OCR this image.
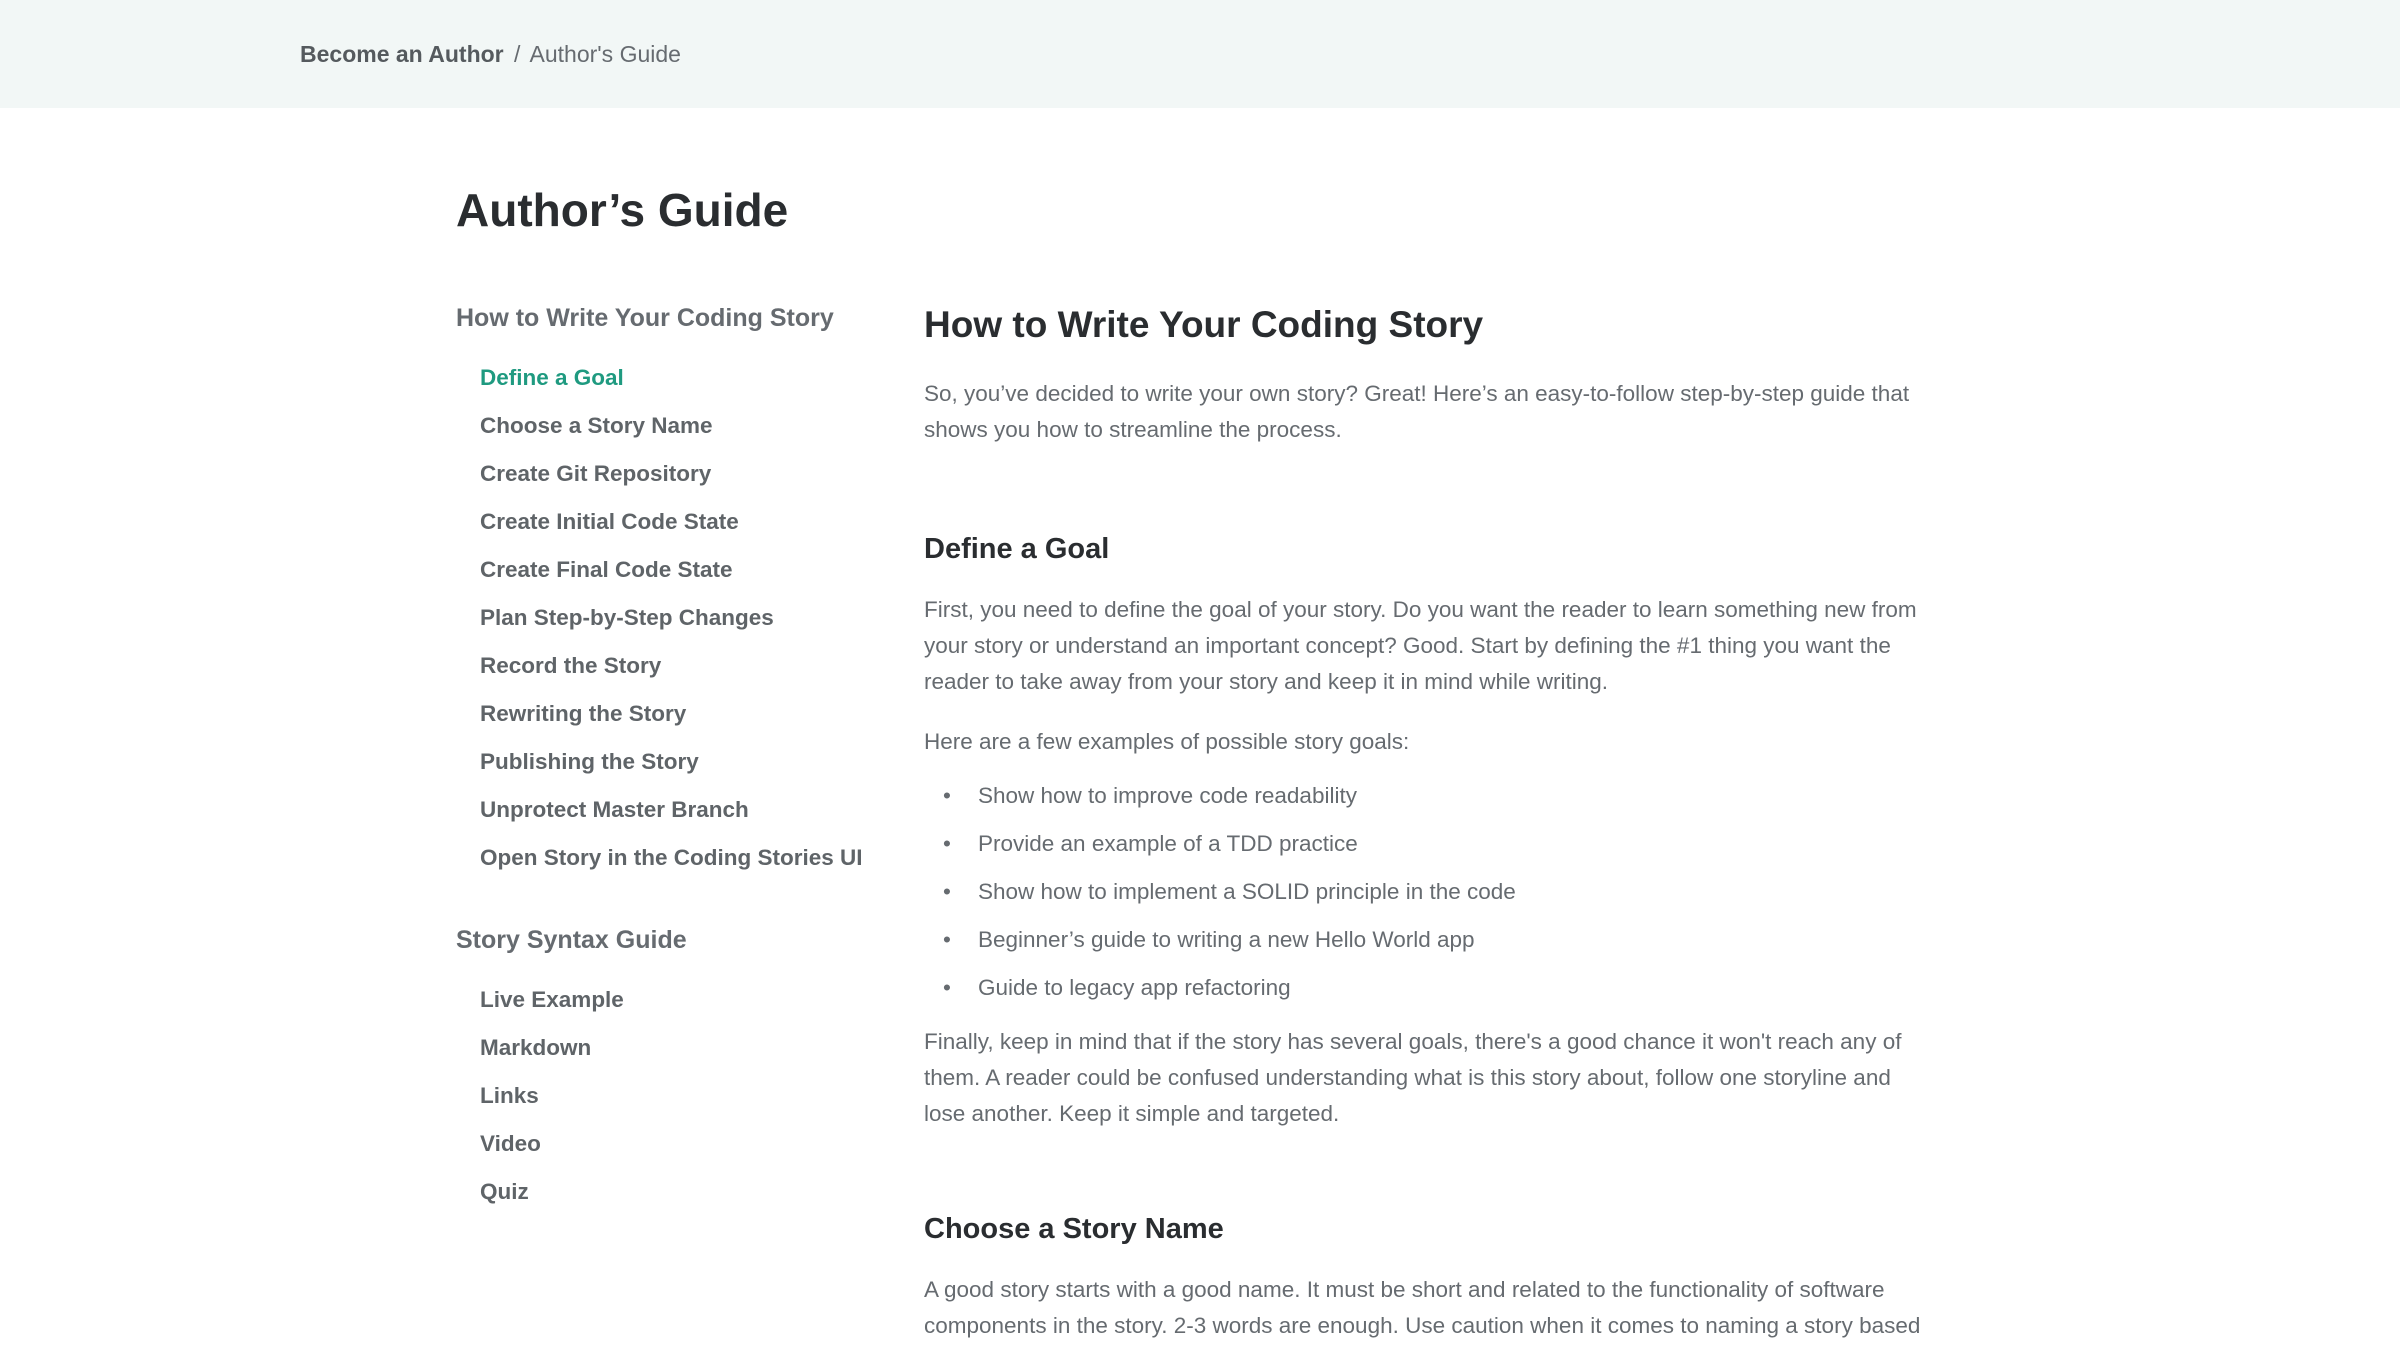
Become an Author / Author's Guide
Author’s Guide
How to Write Your Coding Story
Define a Goal
Choose a Story Name
Create Git Repository
Create Initial Code State
Create Final Code State
Plan Step-by-Step Changes
Record the Story
Rewriting the Story
Publishing the Story
Unprotect Master Branch
Open Story in the Coding Stories UI
Story Syntax Guide
Live Example
Markdown
Links
Video
Quiz
How to Write Your Coding Story

So, you’ve decided to write your own story? Great! Here’s an easy-to-follow step-by-step guide that shows you how to streamline the process.

Define a Goal

First, you need to define the goal of your story. Do you want the reader to learn something new from your story or understand an important concept? Good. Start by defining the #1 thing you want the reader to take away from your story and keep it in mind while writing.

Here are a few examples of possible story goals:

• Show how to improve code readability
• Provide an example of a TDD practice
• Show how to implement a SOLID principle in the code
• Beginner’s guide to writing a new Hello World app
• Guide to legacy app refactoring

Finally, keep in mind that if the story has several goals, there's a good chance it won't reach any of them. A reader could be confused understanding what is this story about, follow one storyline and lose another. Keep it simple and targeted.

Choose a Story Name

A good story starts with a good name. It must be short and related to the functionality of software components in the story. 2-3 words are enough. Use caution when it comes to naming a story based
